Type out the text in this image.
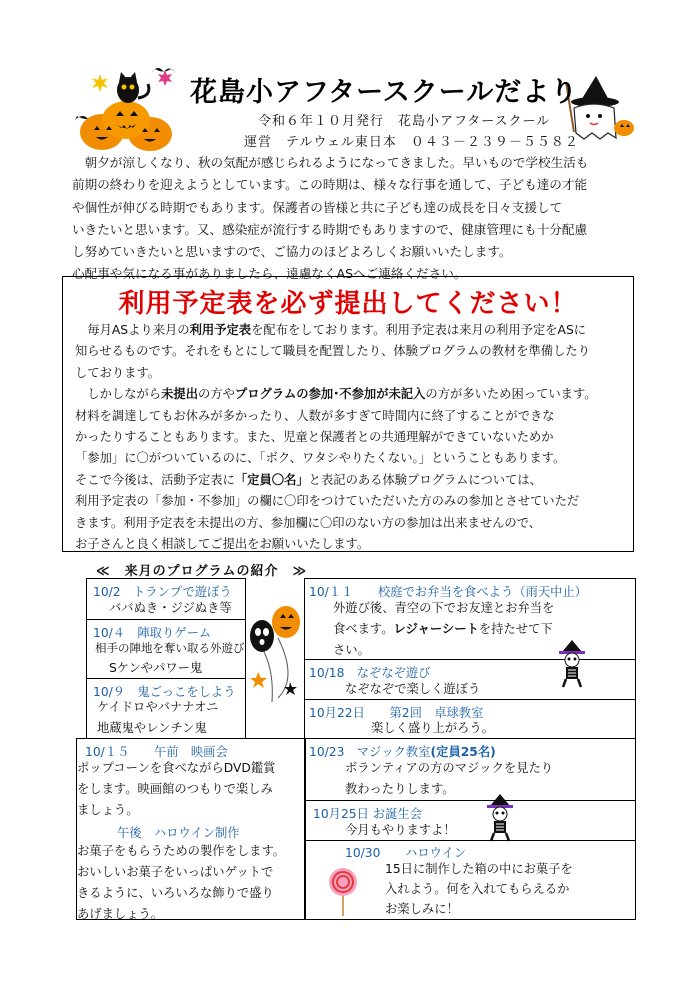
花島小アフタースクールだより
令和６年１０月発行　花島小アフタースクール
運営　テルウェル東日本　０４３－２３９－５５８２

　朝夕が涼しくなり、秋の気配が感じられるようになってきました。早いもので学校生活も

前期の終わりを迎えようとしています。この時期は、様々な行事を通して、子ども達の才能

や個性が伸びる時期でもあります。保護者の皆様と共に子ども達の成長を日々支援して

いきたいと思います。又、感染症が流行する時期でもありますので、健康管理にも十分配慮

し努めていきたいと思いますので、ご協力のほどよろしくお願いいたします。

心配事や気になる事がありましたら、遠慮なくASへご連絡ください。

利用予定表を必ず提出してください！

　毎月ASより来月の利用予定表を配布をしております。利用予定表は来月の利用予定をASに

知らせるものです。それをもとにして職員を配置したり、体験プログラムの教材を準備したり

しております。

　しかしながら未提出の方やプログラムの参加･不参加が未記入の方が多いため困っています。

材料を調達してもお休みが多かったり、人数が多すぎて時間内に終了することができな

かったりすることもあります。また、児童と保護者との共通理解ができていないためか

「参加」に〇がついているのに、「ボク、ワタシやりたくない。」ということもあります。

そこで今後は、活動予定表に「定員〇名」と表記のある体験プログラムについては、

利用予定表の「参加・不参加」の欄に〇印をつけていただいた方のみの参加とさせていただ

きます。利用予定表を未提出の方、参加欄に〇印のない方の参加は出来ませんので、

お子さんと良く相談してご提出をお願いいたします。

≪　来月のプログラムの紹介　≫
10/2　トランプで遊ぼう
ババぬき・ジジぬき等
10/４　陣取りゲーム
相手の陣地を奪い取る外遊び
Sケンやパワー鬼
10/９　鬼ごっこをしよう
ケイドロやバナナオニ
地蔵鬼やレンチン鬼
10/１５　　午前　映画会
ポップコーンを食べながらDVD鑑賞
をします。映画館のつもりで楽しみ
ましょう。
午後　ハロウイン制作
お菓子をもらうための製作をします。
おいしいお菓子をいっぱいゲットで
きるように、いろいろな飾りで盛り
あげましょう。
10/１１　　校庭でお弁当を食べよう（雨天中止）
外遊び後、青空の下でお友達とお弁当を
食べます。レジャーシートを持たせて下
さい。
10/18　なぞなぞ遊び
なぞなぞで楽しく遊ぼう
10月22日　　第2回　卓球教室
楽しく盛り上がろう。
10/23　マジック教室(定員25名)
ボランティアの方のマジックを見たり
教わったりします。
10月25日 お誕生会
今月もやりますよ！
10/30　　ハロウイン
15日に制作した箱の中にお菓子を
入れよう。何を入れてもらえるか
お楽しみに！
